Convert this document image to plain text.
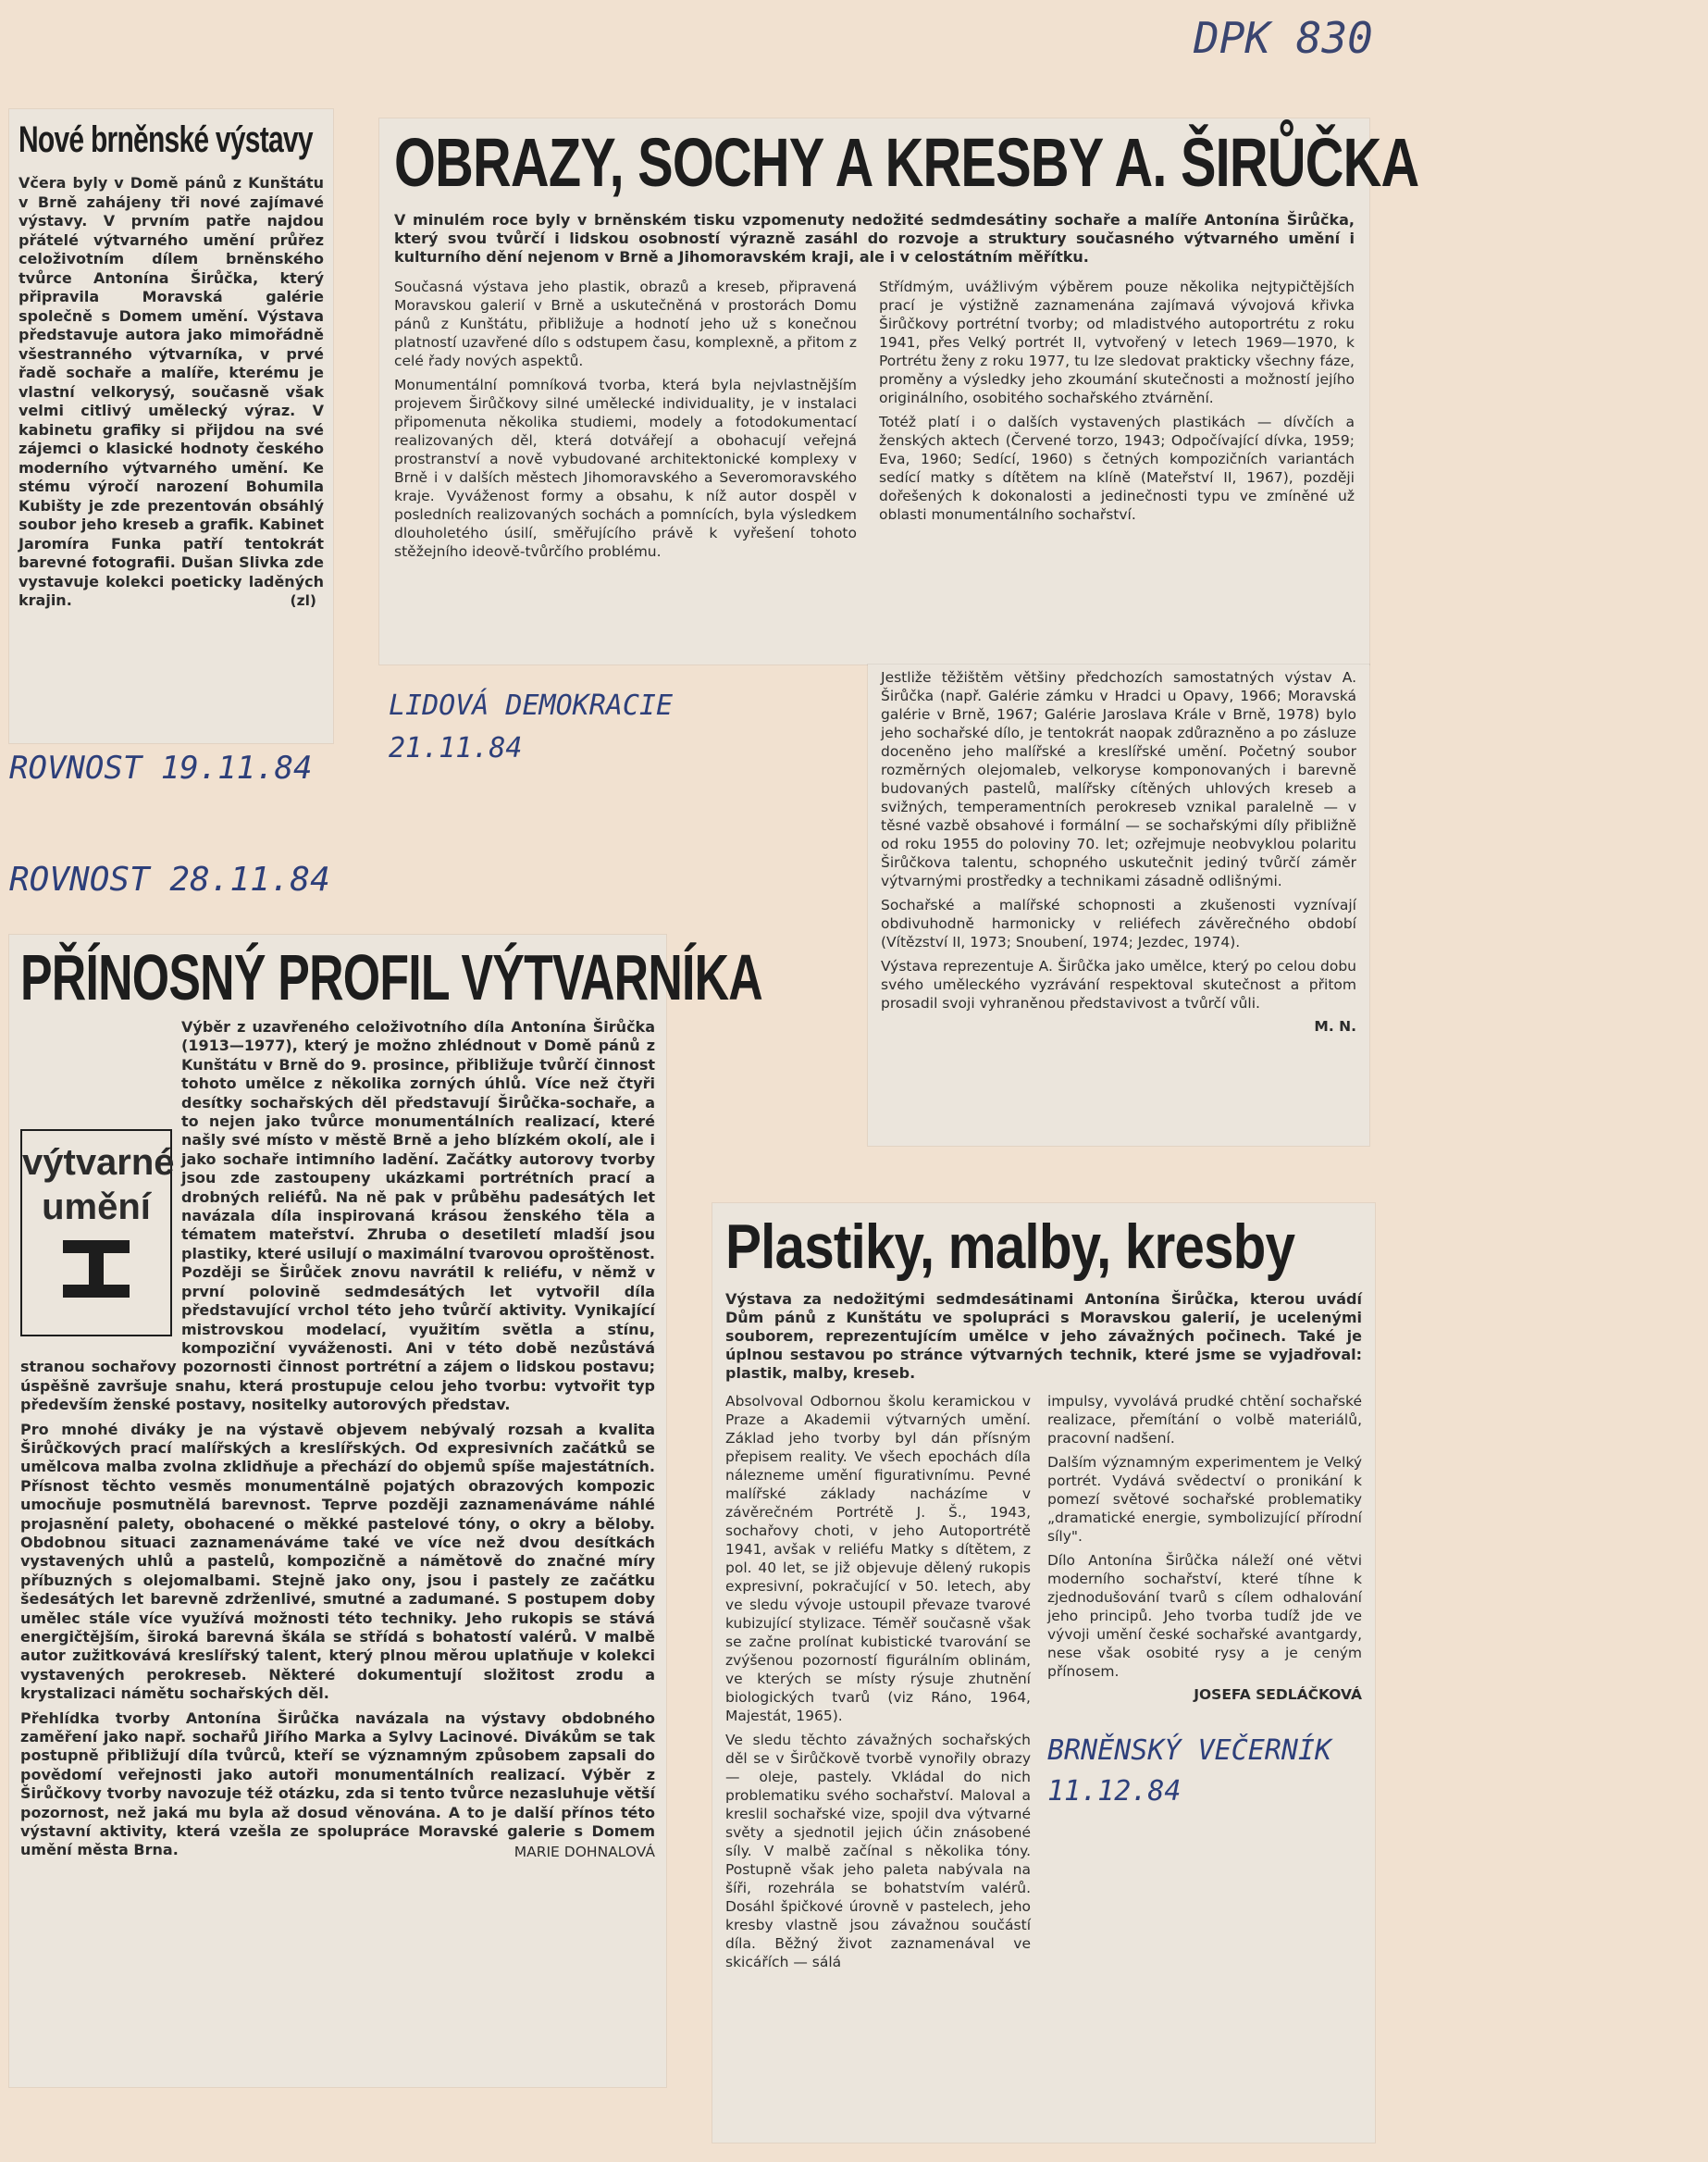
DPK 830
Nové brněnské výstavy

Včera byly v Domě pánů z Kunštátu v Brně zahájeny tři nové zajímavé výstavy. V prvním patře najdou přátelé výtvarného umění průřez celoživotním dílem brněnského tvůrce Antonína Širůčka, který připravila Moravská galérie společně s Domem umění. Výstava představuje autora jako mimořádně všestranného výtvarníka, v prvé řadě sochaře a malíře, kterému je vlastní velkorysý, současně však velmi citlivý umělecký výraz. V kabinetu grafiky si přijdou na své zájemci o klasické hodnoty českého moderního výtvarného umění. Ke stému výročí narození Bohumila Kubišty je zde prezentován obsáhlý soubor jeho kreseb a grafik. Kabinet Jaromíra Funka patří tentokrát barevné fotografii. Dušan Slivka zde vystavuje kolekci poeticky laděných krajin.	(zl)
ROVNOST 19.11.84
OBRAZY, SOCHY A KRESBY A. ŠIRŮČKA

V minulém roce byly v brněnském tisku vzpomenuty nedožité sedmdesátiny sochaře a malíře Antonína Širůčka, který svou tvůrčí i lidskou osobností výrazně zasáhl do rozvoje a struktury současného výtvarného umění i kulturního dění nejenom v Brně a Jihomoravském kraji, ale i v celostátním měřítku.

Současná výstava jeho plastik, obrazů a kreseb, připravená Moravskou galerií v Brně a uskutečněná v prostorách Domu pánů z Kunštátu, přibližuje a hodnotí jeho už s konečnou platností uzavřené dílo s odstupem času, komplexně, a přitom z celé řady nových aspektů.

Monumentální pomníková tvorba, která byla nejvlastnějším projevem Širůčkovy silné umělecké individuality, je v instalaci připomenuta několika studiemi, modely a fotodokumentací realizovaných děl, která dotvářejí a obohacují veřejná prostranství a nově vybudované architektonické komplexy v Brně i v dalších městech Jihomoravského a Severomoravského kraje. Vyváženost formy a obsahu, k níž autor dospěl v posledních realizovaných sochách a pomnících, byla výsledkem dlouholetého úsilí, směřujícího právě k vyřešení tohoto stěžejního ideově-tvůrčího problému.

Střídmým, uvážlivým výběrem pouze několika nejtypičtějších prací je výstižně zaznamenána zajímavá vývojová křivka Širůčkovy portrétní tvorby; od mladistvého autoportrétu z roku 1941, přes Velký portrét II, vytvořený v letech 1969—1970, k Portrétu ženy z roku 1977, tu lze sledovat prakticky všechny fáze, proměny a výsledky jeho zkoumání skutečnosti a možností jejího originálního, osobitého sochařského ztvárnění.

Totéž platí i o dalších vystavených plastikách — dívčích a ženských aktech (Červené torzo, 1943; Odpočívající dívka, 1959; Eva, 1960; Sedící, 1960) s četných kompozičních variantách sedící matky s dítětem na klíně (Mateřství II, 1967), později dořešených k dokonalosti a jedinečnosti typu ve zmíněné už oblasti monumentálního sochařství.

LIDOVÁ DEMOKRACIE 21.11.84

Jestliže těžištěm většiny předchozích samostatných výstav A. Širůčka (např. Galérie zámku v Hradci u Opavy, 1966; Moravská galérie v Brně, 1967; Galérie Jaroslava Krále v Brně, 1978) bylo jeho sochařské dílo, je tentokrát naopak zdůrazněno a po zásluze doceněno jeho malířské a kreslířské umění. Početný soubor rozměrných olejomaleb, velkoryse komponovaných i barevně budovaných pastelů, malířsky cítěných uhlových kreseb a svižných, temperamentních perokreseb vznikal paralelně — v těsné vazbě obsahové i formální — se sochařskými díly přibližně od roku 1955 do poloviny 70. let; ozřejmuje neobvyklou polaritu Širůčkova talentu, schopného uskutečnit jediný tvůrčí záměr výtvarnými prostředky a technikami zásadně odlišnými.

Sochařské a malířské schopnosti a zkušenosti vyznívají obdivuhodně harmonicky v reliéfech závěrečného období (Vítězství II, 1973; Snoubení, 1974; Jezdec, 1974).

Výstava reprezentuje A. Širůčka jako umělce, který po celou dobu svého uměleckého vyzrávání respektoval skutečnost a přitom prosadil svoji vyhraněnou představivost a tvůrčí vůli.

M. N.
ROVNOST 28.11.84
PŘÍNOSNÝ PROFIL VÝTVARNÍKA
výtvarné
umění

Výběr z uzavřeného celoživotního díla Antonína Širůčka (1913—1977), který je možno zhlédnout v Domě pánů z Kunštátu v Brně do 9. prosince, přibližuje tvůrčí činnost tohoto umělce z několika zorných úhlů. Více než čtyři desítky sochařských děl představují Širůčka-sochaře, a to nejen jako tvůrce monumentálních realizací, které našly své místo v městě Brně a jeho blízkém okolí, ale i jako sochaře intimního ladění. Začátky autorovy tvorby jsou zde zastoupeny ukázkami portrétních prací a drobných reliéfů. Na ně pak v průběhu padesátých let navázala díla inspirovaná krásou ženského těla a tématem mateřství. Zhruba o desetiletí mladší jsou plastiky, které usilují o maximální tvarovou oproštěnost. Později se Širůček znovu navrátil k reliéfu, v němž v první polovině sedmdesátých let vytvořil díla představující vrchol této jeho tvůrčí aktivity. Vynikající mistrovskou modelací, využitím světla a stínu, kompoziční vyváženosti. Ani v této době nezůstává stranou sochařovy pozornosti činnost portrétní a zájem o lidskou postavu; úspěšně završuje snahu, která prostupuje celou jeho tvorbu: vytvořit typ především ženské postavy, nositelky autorových představ.

Pro mnohé diváky je na výstavě objevem nebývalý rozsah a kvalita Širůčkových prací malířských a kreslířských. Od expresivních začátků se umělcova malba zvolna zklidňuje a přechází do objemů spíše majestátních. Přísnost těchto vesměs monumentálně pojatých obrazových kompozic umocňuje posmutnělá barevnost. Teprve později zaznamenáváme náhlé projasnění palety, obohacené o měkké pastelové tóny, o okry a běloby. Obdobnou situaci zaznamenáváme také ve více než dvou desítkách vystavených uhlů a pastelů, kompozičně a námětově do značné míry příbuzných s olejomalbami. Stejně jako ony, jsou i pastely ze začátku šedesátých let barevně zdrženlivé, smutné a zadumané. S postupem doby umělec stále více využívá možnosti této techniky. Jeho rukopis se stává energičtějším, široká barevná škála se střídá s bohatostí valérů. V malbě autor zužitkovává kreslířský talent, který plnou měrou uplatňuje v kolekci vystavených perokreseb. Některé dokumentují složitost zrodu a krystalizaci námětu sochařských děl.

Přehlídka tvorby Antonína Širůčka navázala na výstavy obdobného zaměření jako např. sochařů Jiřího Marka a Sylvy Lacinové. Divákům se tak postupně přibližují díla tvůrců, kteří se významným způsobem zapsali do povědomí veřejnosti jako autoři monumentálních realizací. Výběr z Širůčkovy tvorby navozuje též otázku, zda si tento tvůrce nezasluhuje větší pozornost, než jaká mu byla až dosud věnována. A to je další přínos této výstavní aktivity, která vzešla ze spolupráce Moravské galerie s Domem umění města Brna.	MARIE DOHNALOVÁ
Plastiky, malby, kresby

Výstava za nedožitými sedmdesátinami Antonína Širůčka, kterou uvádí Dům pánů z Kunštátu ve spolupráci s Moravskou galerií, je ucelenými souborem, reprezentujícím umělce v jeho závažných počinech. Také je úplnou sestavou po stránce výtvarných technik, které jsme se vyjadřoval: plastik, malby, kreseb.

Absolvoval Odbornou školu keramickou v Praze a Akademii výtvarných umění. Základ jeho tvorby byl dán přísným přepisem reality. Ve všech epochách díla nálezneme umění figurativnímu. Pevné malířské základy nacházíme v závěrečném Portrétě J. Š., 1943, sochařovy choti, v jeho Autoportrétě 1941, avšak v reliéfu Matky s dítětem, z pol. 40 let, se již objevuje dělený rukopis expresivní, pokračující v 50. letech, aby ve sledu vývoje ustoupil převaze tvarové kubizující stylizace. Téměř současně však se začne prolínat kubistické tvarování se zvýšenou pozorností figurálním oblinám, ve kterých se místy rýsuje zhutnění biologických tvarů (viz Ráno, 1964, Majestát, 1965).

Ve sledu těchto závažných sochařských děl se v Širůčkově tvorbě vynořily obrazy — oleje, pastely. Vkládal do nich problematiku svého sochařství. Maloval a kreslil sochařské vize, spojil dva výtvarné světy a sjednotil jejich účin znásobené síly. V malbě začínal s několika tóny. Postupně však jeho paleta nabývala na šíři, rozehrála se bohatstvím valérů. Dosáhl špičkové úrovně v pastelech, jeho kresby vlastně jsou závažnou součástí díla. Běžný život zaznamenával ve skicářích — sálá

impulsy, vyvolává prudké chtění sochařské realizace, přemítání o volbě materiálů, pracovní nadšení.

Dalším významným experimentem je Velký portrét. Vydává svědectví o pronikání k pomezí světové sochařské problematiky „dramatické energie, symbolizující přírodní síly".

Dílo Antonína Širůčka náleží oné větvi moderního sochařství, které tíhne k zjednodušování tvarů s cílem odhalování jeho principů. Jeho tvorba tudíž jde ve vývoji umění české sochařské avantgardy, nese však osobité rysy a je ceným přínosem.

JOSEFA SEDLÁČKOVÁ
BRNĚNSKÝ VEČERNÍK 11.12.84
